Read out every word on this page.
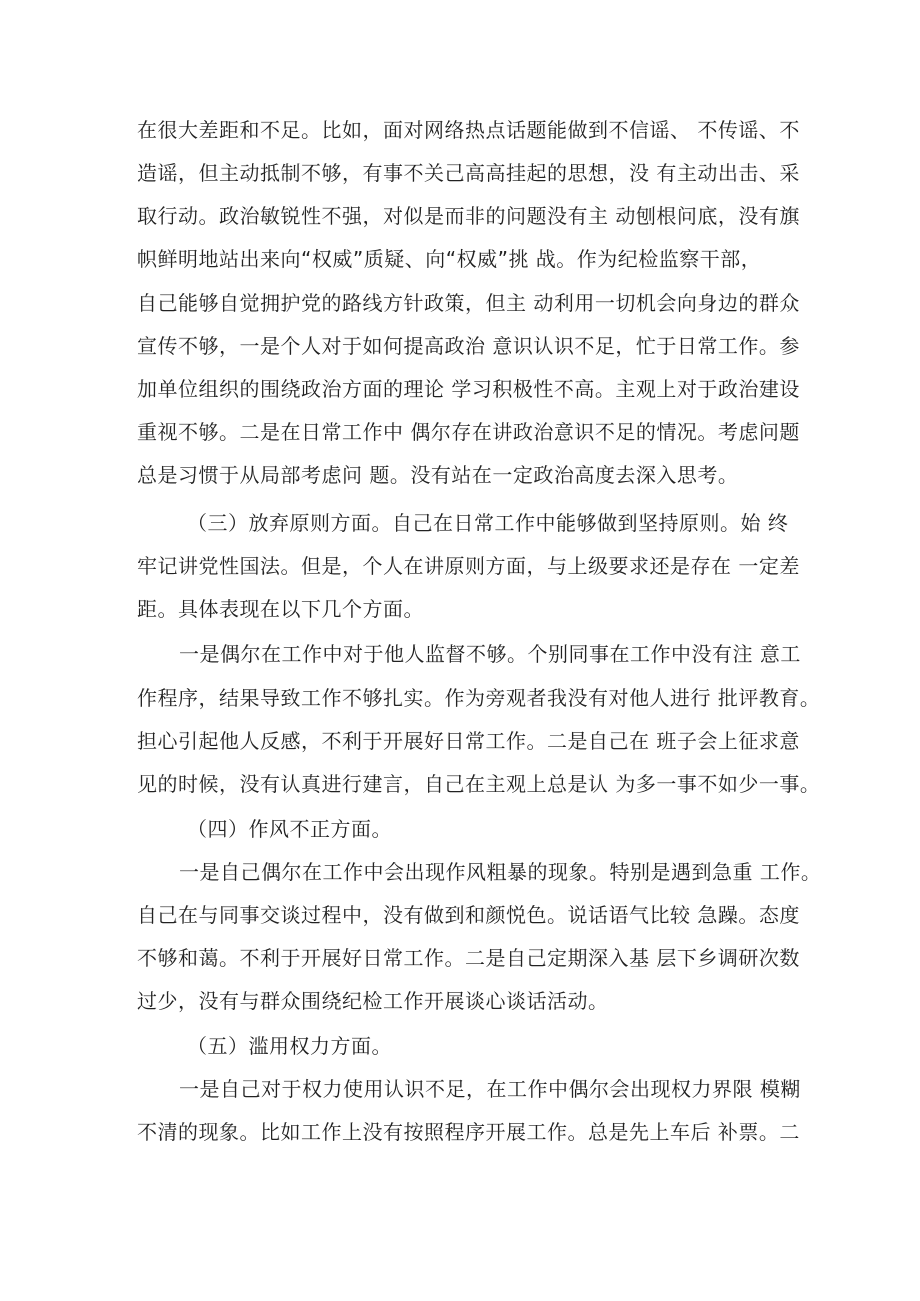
在很大差距和不足。比如，面对网络热点话题能做到不信谣、 不传谣、不
造谣，但主动抵制不够，有事不关己高高挂起的思想，没 有主动出击、采
取行动。政治敏锐性不强，对似是而非的问题没有主 动刨根问底，没有旗
帜鲜明地站出来向“权威”质疑、向“权威”挑 战。作为纪检监察干部，
自己能够自觉拥护党的路线方针政策，但主 动利用一切机会向身边的群众
宣传不够，一是个人对于如何提高政治 意识认识不足，忙于日常工作。参
加单位组织的围绕政治方面的理论 学习积极性不高。主观上对于政治建设
重视不够。二是在日常工作中 偶尔存在讲政治意识不足的情况。考虑问题
总是习惯于从局部考虑问 题。没有站在一定政治高度去深入思考。
（三）放弃原则方面。自己在日常工作中能够做到坚持原则。始 终
牢记讲党性国法。但是，个人在讲原则方面，与上级要求还是存在 一定差
距。具体表现在以下几个方面。
一是偶尔在工作中对于他人监督不够。个别同事在工作中没有注 意工
作程序，结果导致工作不够扎实。作为旁观者我没有对他人进行 批评教育。
担心引起他人反感，不利于开展好日常工作。二是自己在 班子会上征求意
见的时候，没有认真进行建言，自己在主观上总是认 为多一事不如少一事。
（四）作风不正方面。
一是自己偶尔在工作中会出现作风粗暴的现象。特别是遇到急重 工作。
自己在与同事交谈过程中，没有做到和颜悦色。说话语气比较 急躁。态度
不够和蔼。不利于开展好日常工作。二是自己定期深入基 层下乡调研次数
过少，没有与群众围绕纪检工作开展谈心谈话活动。
（五）滥用权力方面。
一是自己对于权力使用认识不足，在工作中偶尔会出现权力界限 模糊
不清的现象。比如工作上没有按照程序开展工作。总是先上车后 补票。二
